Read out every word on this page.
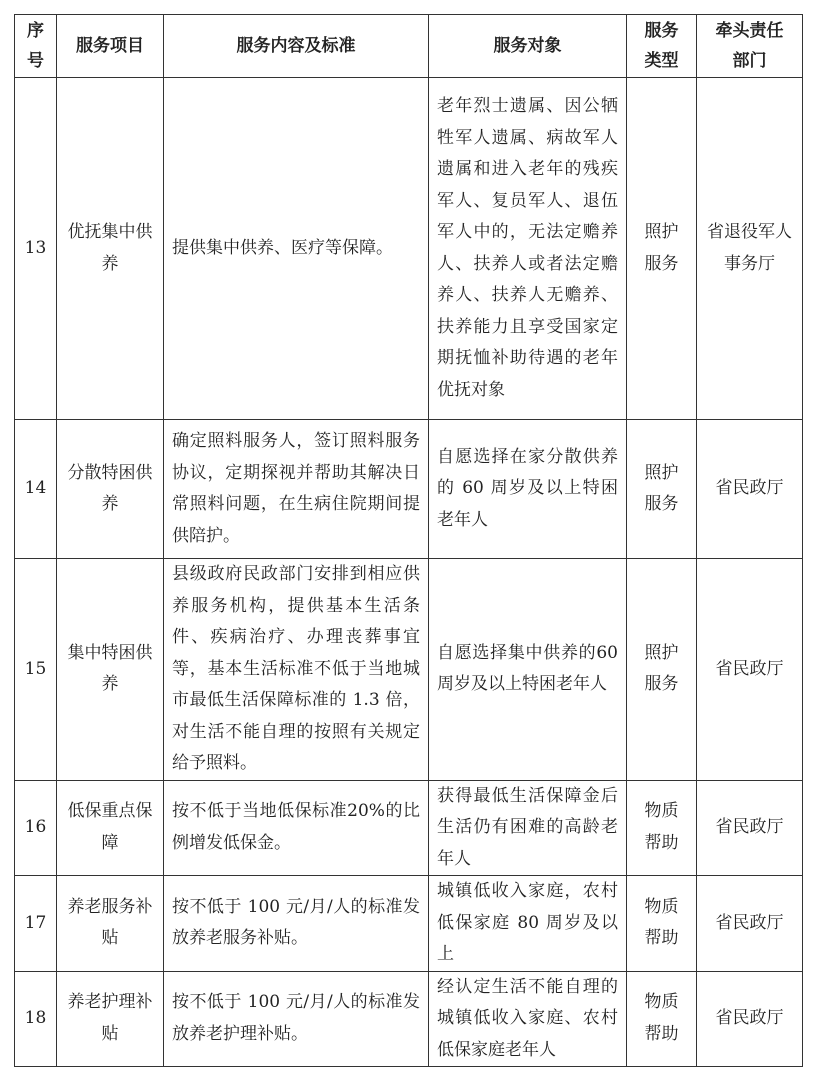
序号	服务项目	服务内容及标准	服务对象	服务类型	牵头责任部门
13	优抚集中供养	提供集中供养、医疗等保障。	老年烈士遗属、因公牺牲军人遗属、病故军人遗属和进入老年的残疾军人、复员军人、退伍军人中的，无法定赡养人、扶养人或者法定赡养人、扶养人无赡养、扶养能力且享受国家定期抚恤补助待遇的老年优抚对象	照护服务	省退役军人事务厅
14	分散特困供养	确定照料服务人，签订照料服务协议，定期探视并帮助其解决日常照料问题，在生病住院期间提供陪护。	自愿选择在家分散供养的 60 周岁及以上特困老年人	照护服务	省民政厅
15	集中特困供养	县级政府民政部门安排到相应供养服务机构，提供基本生活条件、疾病治疗、办理丧葬事宜等，基本生活标准不低于当地城市最低生活保障标准的 1.3 倍，对生活不能自理的按照有关规定给予照料。	自愿选择集中供养的60周岁及以上特困老年人	照护服务	省民政厅
16	低保重点保障	按不低于当地低保标准20%的比例增发低保金。	获得最低生活保障金后生活仍有困难的高龄老年人	物质帮助	省民政厅
17	养老服务补贴	按不低于 100 元/月/人的标准发放养老服务补贴。	城镇低收入家庭，农村低保家庭 80 周岁及以上	物质帮助	省民政厅
18	养老护理补贴	按不低于 100 元/月/人的标准发放养老护理补贴。	经认定生活不能自理的城镇低收入家庭、农村低保家庭老年人	物质帮助	省民政厅
